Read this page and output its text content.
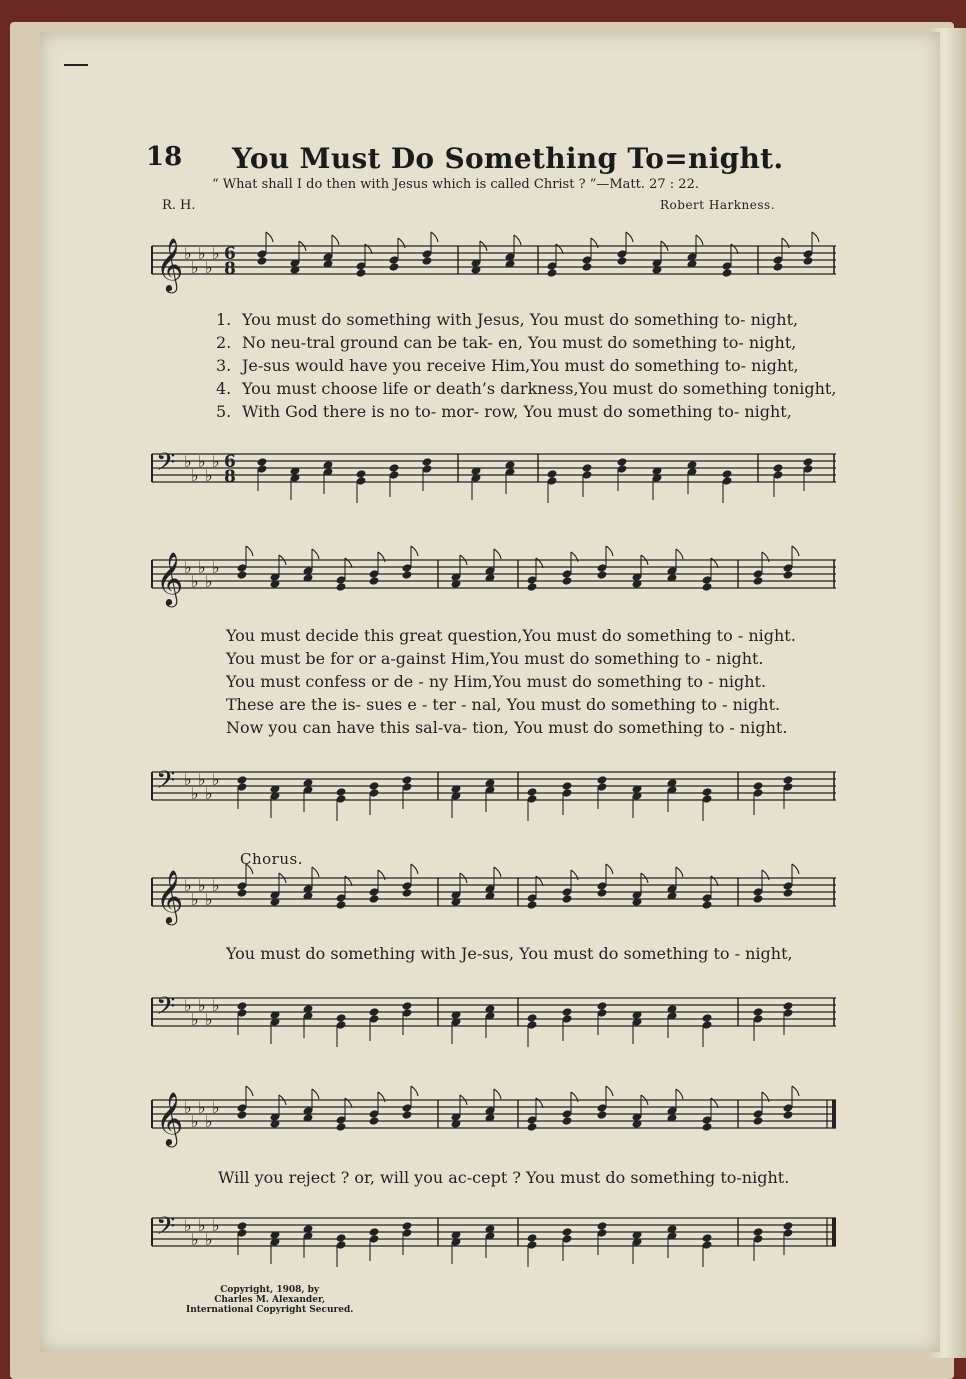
18 You Must Do Something To=night.
“ What shall I do then with Jesus which is called Christ ? ”—Matt. 27 : 22.
R. H.	Robert Harkness.
𝄞 ♭
♭
♭
♭
♭ 6
8
𝄢 ♭
♭
♭
♭
♭ 6
8
𝄞 ♭
♭
♭
♭
♭
𝄢 ♭
♭
♭
♭
♭
𝄞 ♭
♭
♭
♭
♭
𝄢 ♭
♭
♭
♭
♭
𝄞 ♭
♭
♭
♭
♭
𝄢 ♭
♭
♭
♭
♭
1. You must do something with Jesus, You must do something to- night,
2. No neu-tral ground can be tak- en, You must do something to- night,
3. Je-sus would have you receive Him,You must do something to- night,
4. You must choose life or death’s darkness,You must do something tonight,
5. With God there is no to- mor- row, You must do something to- night,
You must decide this great question,You must do something to - night.
You must be for or a-gainst Him,You must do something to - night.
You must confess or de - ny Him,You must do something to - night.
These are the is- sues e - ter - nal, You must do something to - night.
Now you can have this sal-va- tion, You must do something to - night.
Chorus.
You must do something with Je-sus, You must do something to - night,
Will you reject ? or, will you ac-cept ? You must do something to-night.
Copyright, 1908, by
Charles M. Alexander,
International Copyright Secured.
